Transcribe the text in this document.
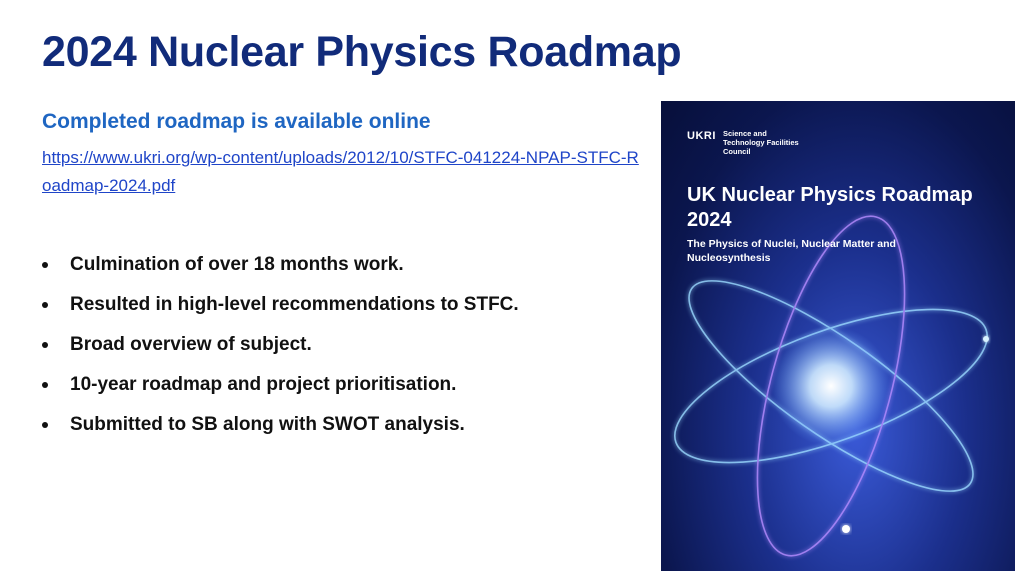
2024 Nuclear Physics Roadmap
Completed roadmap is available online
https://www.ukri.org/wp-content/uploads/2012/10/STFC-041224-NPAP-STFC-Roadmap-2024.pdf
Culmination of over 18 months work.
Resulted in high-level recommendations to STFC.
Broad overview of subject.
10-year roadmap and project prioritisation.
Submitted to SB along with SWOT analysis.
UKRI Science and Technology Facilities Council
UK Nuclear Physics Roadmap 2024
The Physics of Nuclei, Nuclear Matter and Nucleosynthesis
